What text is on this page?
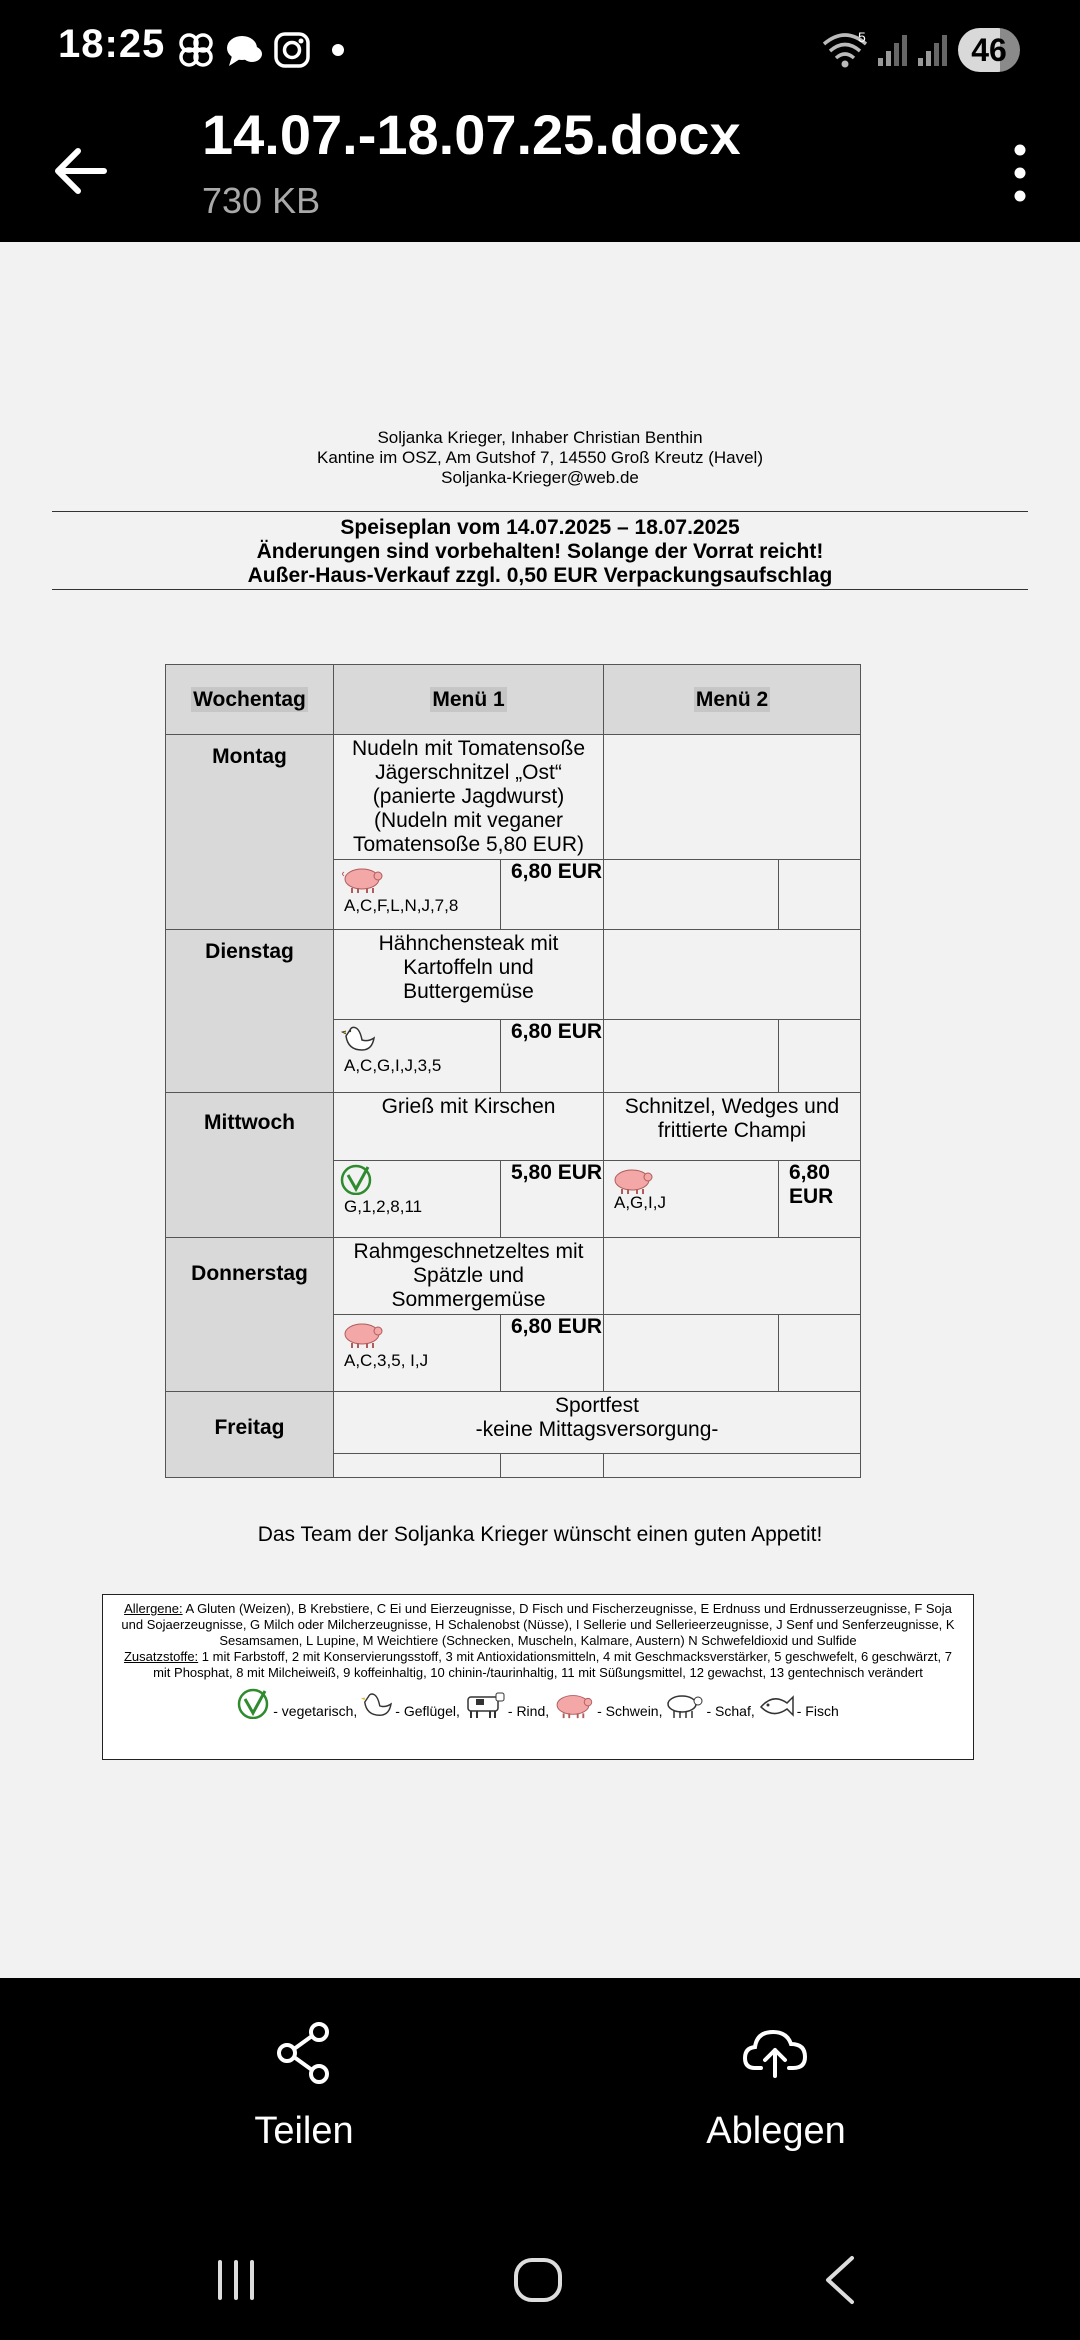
18:25	5	46
14.07.-18.07.25.docx
730 KB
Soljanka Krieger, Inhaber Christian Benthin
Kantine im OSZ, Am Gutshof 7, 14550 Groß Kreutz (Havel)
Soljanka-Krieger@web.de
Speiseplan vom 14.07.2025 – 18.07.2025
Änderungen sind vorbehalten! Solange der Vorrat reicht!
Außer-Haus-Verkauf zzgl. 0,50 EUR Verpackungsaufschlag
Wochentag	Menü 1		Menü 2	

Montag	Nudeln mit Tomatensoße Jägerschnitzel „Ost“ (panierte Jagdwurst) (Nudeln mit veganer Tomatensoße 5,80 EUR)			

	A,C,F,L,N,J,7,8	6,80 EUR		

Dienstag	Hähnchensteak mit Kartoffeln und Buttergemüse			

	A,C,G,I,J,3,5	6,80 EUR		

Mittwoch	Grieß mit Kirschen		Schnitzel, Wedges und frittierte Champi	

	G,1,2,8,11	5,80 EUR	A,G,I,J	6,80 EUR

Donnerstag	Rahmgeschnetzeltes mit Spätzle und Sommergemüse			

	A,C,3,5, I,J	6,80 EUR		

Freitag	Sportfest
-keine Mittagsversorgung-			

Das Team der Soljanka Krieger wünscht einen guten Appetit!
Allergene: A Gluten (Weizen), B Krebstiere, C Ei und Eierzeugnisse, D Fisch und Fischerzeugnisse, E Erdnuss und Erdnusserzeugnisse, F Soja und Sojaerzeugnisse, G Milch oder Milcherzeugnisse, H Schalenobst (Nüsse), I Sellerie und Sellerieerzeugnisse, J Senf und Senferzeugnisse, K Sesamsamen, L Lupine, M Weichtiere (Schnecken, Muscheln, Kalmare, Austern) N Schwefeldioxid und Sulfide
Zusatzstoffe: 1 mit Farbstoff, 2 mit Konservierungsstoff, 3 mit Antioxidationsmitteln, 4 mit Geschmacksverstärker, 5 geschwefelt, 6 geschwärzt, 7 mit Phosphat, 8 mit Milcheiweiß, 9 koffeinhaltig, 10 chinin-/taurinhaltig, 11 mit Süßungsmittel, 12 gewachst, 13 gentechnisch verändert
- vegetarisch,	- Geflügel,	- Rind,	- Schwein,	- Schaf,	- Fisch
Teilen	Ablegen
